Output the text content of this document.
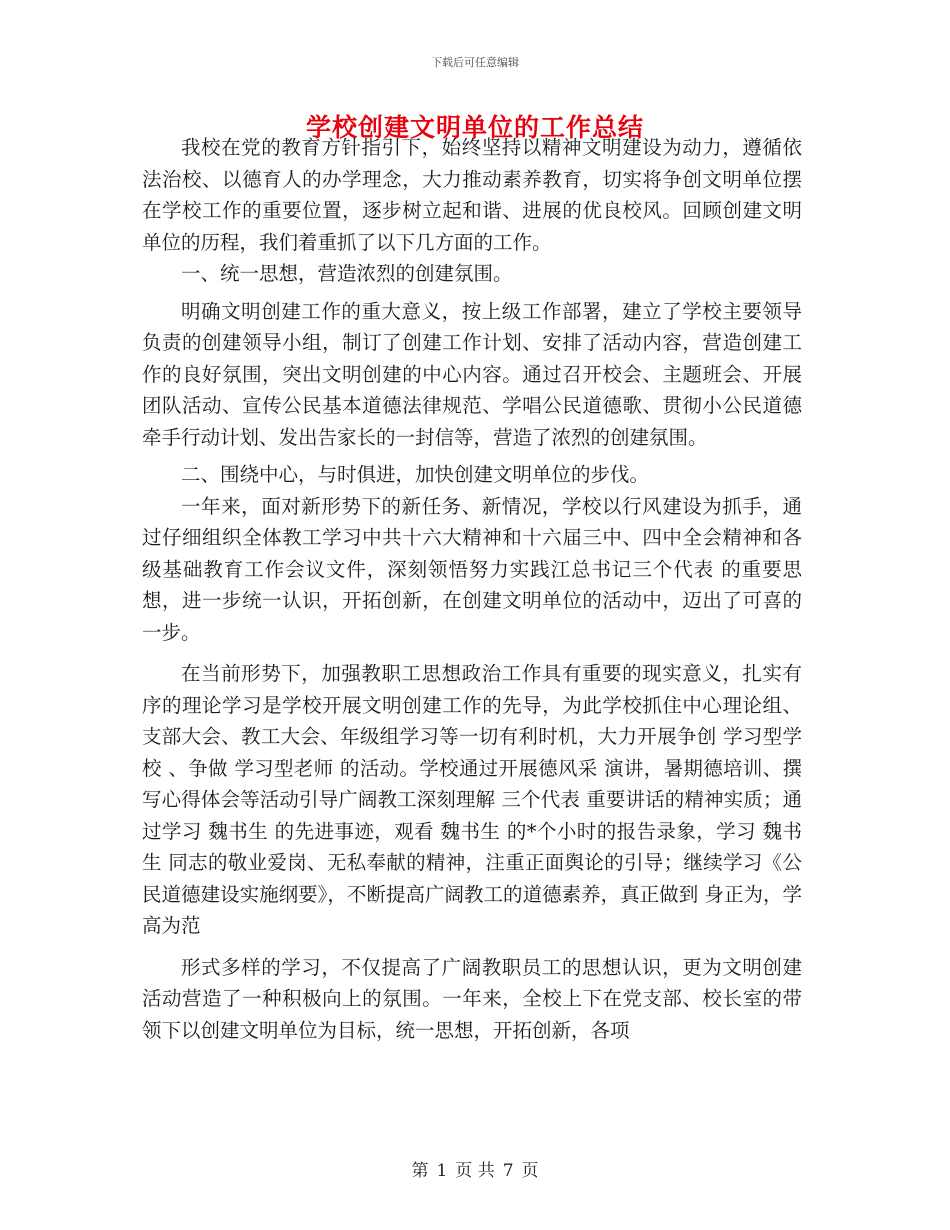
下载后可任意编辑
学校创建文明单位的工作总结

我校在党的教育方针指引下，始终坚持以精神文明建设为动力，遵循依法治校、以德育人的办学理念，大力推动素养教育，切实将争创文明单位摆在学校工作的重要位置，逐步树立起和谐、进展的优良校风。回顾创建文明单位的历程，我们着重抓了以下几方面的工作。

一、统一思想，营造浓烈的创建氛围。

明确文明创建工作的重大意义，按上级工作部署，建立了学校主要领导负责的创建领导小组，制订了创建工作计划、安排了活动内容，营造创建工作的良好氛围，突出文明创建的中心内容。通过召开校会、主题班会、开展团队活动、宣传公民基本道德法律规范、学唱公民道德歌、贯彻小公民道德牵手行动计划、发出告家长的一封信等，营造了浓烈的创建氛围。

二、围绕中心，与时俱进，加快创建文明单位的步伐。

一年来，面对新形势下的新任务、新情况，学校以行风建设为抓手，通过仔细组织全体教工学习中共十六大精神和十六届三中、四中全会精神和各级基础教育工作会议文件，深刻领悟努力实践江总书记三个代表 的重要思想，进一步统一认识，开拓创新，在创建文明单位的活动中，迈出了可喜的一步。

在当前形势下，加强教职工思想政治工作具有重要的现实意义，扎实有序的理论学习是学校开展文明创建工作的先导，为此学校抓住中心理论组、支部大会、教工大会、年级组学习等一切有利时机，大力开展争创 学习型学校 、争做 学习型老师 的活动。学校通过开展德风采 演讲，暑期德培训、撰写心得体会等活动引导广阔教工深刻理解 三个代表 重要讲话的精神实质；通过学习 魏书生 的先进事迹，观看 魏书生 的*个小时的报告录象，学习 魏书生 同志的敬业爱岗、无私奉献的精神，注重正面舆论的引导；继续学习《公民道德建设实施纲要》，不断提高广阔教工的道德素养，真正做到 身正为，学高为范

形式多样的学习，不仅提高了广阔教职员工的思想认识，更为文明创建活动营造了一种积极向上的氛围。一年来，全校上下在党支部、校长室的带领下以创建文明单位为目标，统一思想，开拓创新，各项

第 1 页 共 7 页
